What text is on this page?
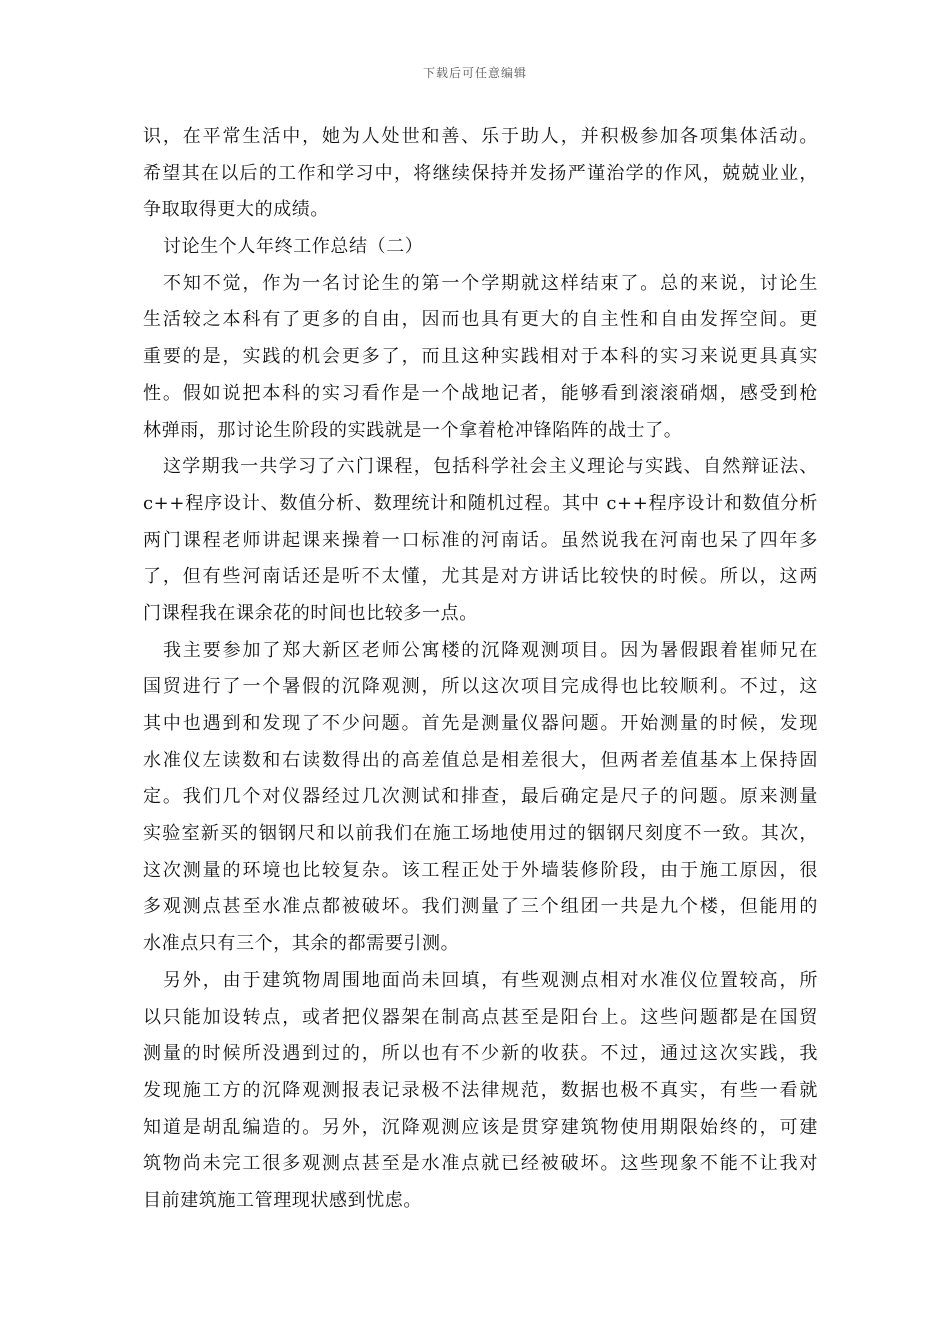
下载后可任意编辑
识，在平常生活中，她为人处世和善、乐于助人，并积极参加各项集体活动。
希望其在以后的工作和学习中，将继续保持并发扬严谨治学的作风，兢兢业业，
争取取得更大的成绩。
讨论生个人年终工作总结（二）
不知不觉，作为一名讨论生的第一个学期就这样结束了。总的来说，讨论生
生活较之本科有了更多的自由，因而也具有更大的自主性和自由发挥空间。更
重要的是，实践的机会更多了，而且这种实践相对于本科的实习来说更具真实
性。假如说把本科的实习看作是一个战地记者，能够看到滚滚硝烟，感受到枪
林弹雨，那讨论生阶段的实践就是一个拿着枪冲锋陷阵的战士了。
这学期我一共学习了六门课程，包括科学社会主义理论与实践、自然辩证法、
c++程序设计、数值分析、数理统计和随机过程。其中 c++程序设计和数值分析
两门课程老师讲起课来操着一口标准的河南话。虽然说我在河南也呆了四年多
了，但有些河南话还是听不太懂，尤其是对方讲话比较快的时候。所以，这两
门课程我在课余花的时间也比较多一点。
我主要参加了郑大新区老师公寓楼的沉降观测项目。因为暑假跟着崔师兄在
国贸进行了一个暑假的沉降观测，所以这次项目完成得也比较顺利。不过，这
其中也遇到和发现了不少问题。首先是测量仪器问题。开始测量的时候，发现
水准仪左读数和右读数得出的高差值总是相差很大，但两者差值基本上保持固
定。我们几个对仪器经过几次测试和排查，最后确定是尺子的问题。原来测量
实验室新买的铟钢尺和以前我们在施工场地使用过的铟钢尺刻度不一致。其次，
这次测量的环境也比较复杂。该工程正处于外墙装修阶段，由于施工原因，很
多观测点甚至水准点都被破坏。我们测量了三个组团一共是九个楼，但能用的
水准点只有三个，其余的都需要引测。
另外，由于建筑物周围地面尚未回填，有些观测点相对水准仪位置较高，所
以只能加设转点，或者把仪器架在制高点甚至是阳台上。这些问题都是在国贸
测量的时候所没遇到过的，所以也有不少新的收获。不过，通过这次实践，我
发现施工方的沉降观测报表记录极不法律规范，数据也极不真实，有些一看就
知道是胡乱编造的。另外，沉降观测应该是贯穿建筑物使用期限始终的，可建
筑物尚未完工很多观测点甚至是水准点就已经被破坏。这些现象不能不让我对
目前建筑施工管理现状感到忧虑。
